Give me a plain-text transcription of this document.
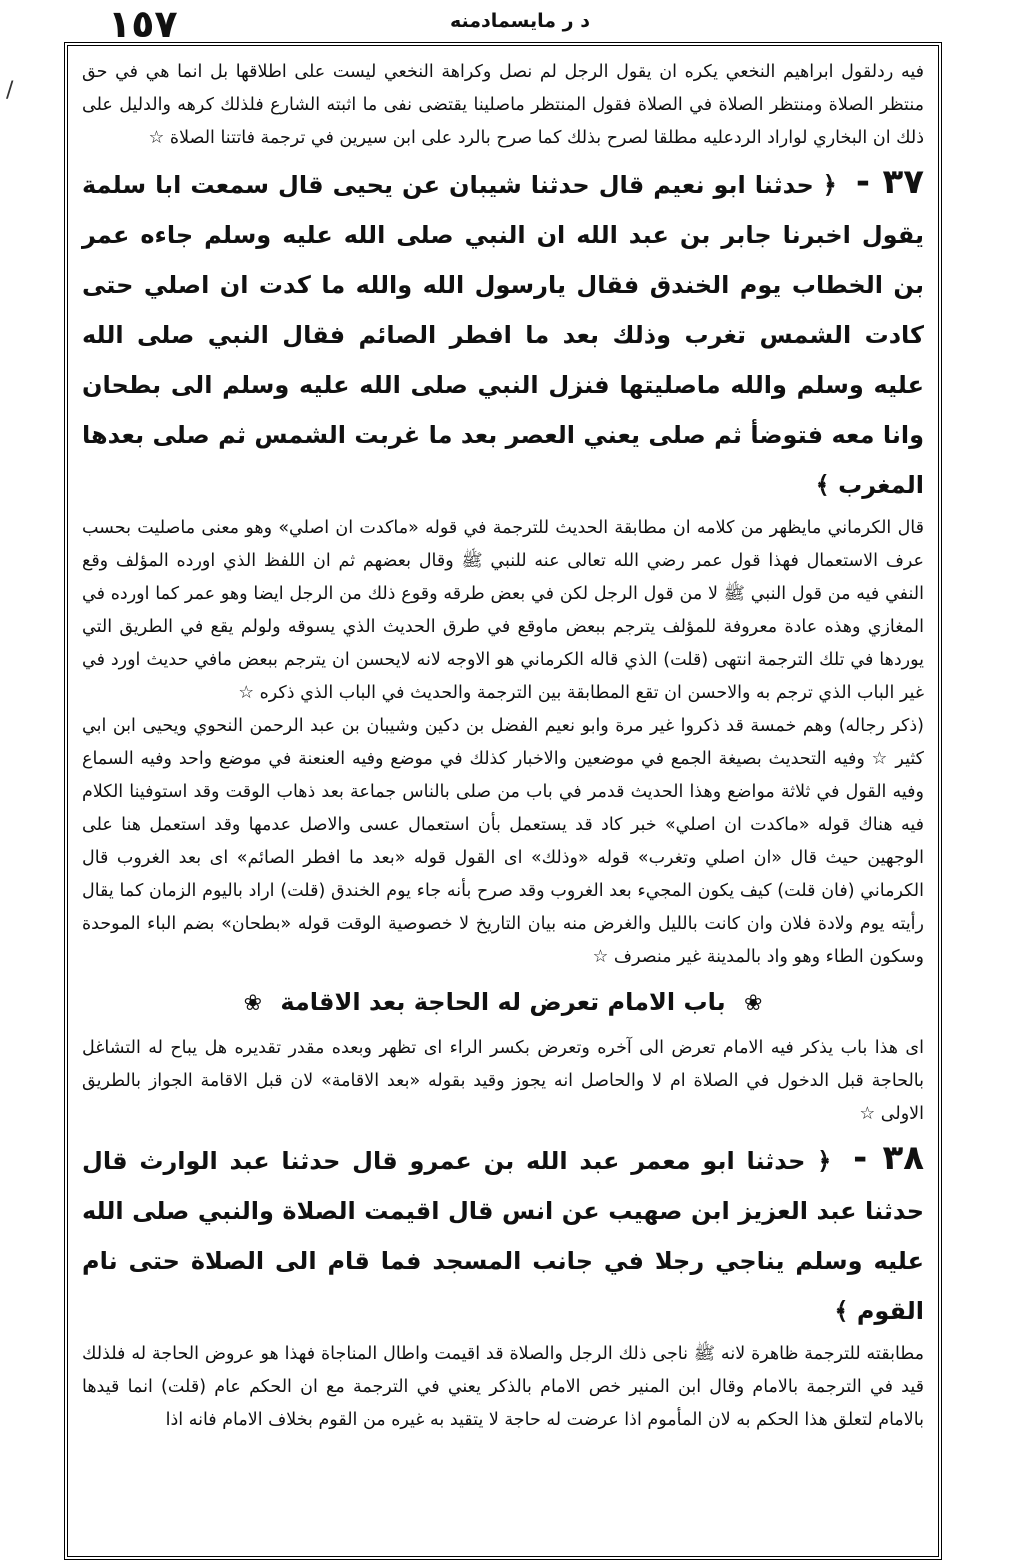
١٥٧	د ر مايسمادمنه
/

فيه ردلقول ابراهيم النخعي يكره ان يقول الرجل لم نصل وكراهة النخعي ليست على اطلاقها بل انما هي في حق منتظر الصلاة ومنتظر الصلاة في الصلاة فقول المنتظر ماصلينا يقتضى نفى ما اثبته الشارع فلذلك كرهه والدليل على ذلك ان البخاري لواراد الردعليه مطلقا لصرح بذلك كما صرح بالرد على ابن سيرين في ترجمة فاتتنا الصلاة ☆

٣٧ - ﴿ حدثنا ابو نعيم قال حدثنا شيبان عن يحيى قال سمعت ابا سلمة يقول اخبرنا جابر بن عبد الله ان النبي صلى الله عليه وسلم جاءه عمر بن الخطاب يوم الخندق فقال يارسول الله والله ما كدت ان اصلي حتى كادت الشمس تغرب وذلك بعد ما افطر الصائم فقال النبي صلى الله عليه وسلم والله ماصليتها فنزل النبي صلى الله عليه وسلم الى بطحان وانا معه فتوضأ ثم صلى يعني العصر بعد ما غربت الشمس ثم صلى بعدها المغرب ﴾

قال الكرماني مايظهر من كلامه ان مطابقة الحديث للترجمة في قوله «ماكدت ان اصلي» وهو معنى ماصليت بحسب عرف الاستعمال فهذا قول عمر رضي الله تعالى عنه للنبي ﷺ وقال بعضهم ثم ان اللفظ الذي اورده المؤلف وقع النفي فيه من قول النبي ﷺ لا من قول الرجل لكن في بعض طرقه وقوع ذلك من الرجل ايضا وهو عمر كما اورده في المغازي وهذه عادة معروفة للمؤلف يترجم ببعض ماوقع في طرق الحديث الذي يسوقه ولولم يقع في الطريق التي يوردها في تلك الترجمة انتهى (قلت) الذي قاله الكرماني هو الاوجه لانه لايحسن ان يترجم ببعض مافي حديث اورد في غير الباب الذي ترجم به والاحسن ان تقع المطابقة بين الترجمة والحديث في الباب الذي ذكره ☆

(ذكر رجاله) وهم خمسة قد ذكروا غير مرة وابو نعيم الفضل بن دكين وشيبان بن عبد الرحمن النحوي ويحيى ابن ابي كثير ☆ وفيه التحديث بصيغة الجمع في موضعين والاخبار كذلك في موضع وفيه العنعنة في موضع واحد وفيه السماع وفيه القول في ثلاثة مواضع وهذا الحديث قدمر في باب من صلى بالناس جماعة بعد ذهاب الوقت وقد استوفينا الكلام فيه هناك قوله «ماكدت ان اصلي» خبر كاد قد يستعمل بأن استعمال عسى والاصل عدمها وقد استعمل هنا على الوجهين حيث قال «ان اصلي وتغرب» قوله «وذلك» اى القول قوله «بعد ما افطر الصائم» اى بعد الغروب قال الكرماني (فان قلت) كيف يكون المجيء بعد الغروب وقد صرح بأنه جاء يوم الخندق (قلت) اراد باليوم الزمان كما يقال رأيته يوم ولادة فلان وان كانت بالليل والغرض منه بيان التاريخ لا خصوصية الوقت قوله «بطحان» بضم الباء الموحدة وسكون الطاء وهو واد بالمدينة غير منصرف ☆

❀ باب الامام تعرض له الحاجة بعد الاقامة ❀

اى هذا باب يذكر فيه الامام تعرض الى آخره وتعرض بكسر الراء اى تظهر وبعده مقدر تقديره هل يباح له التشاغل بالحاجة قبل الدخول في الصلاة ام لا والحاصل انه يجوز وقيد بقوله «بعد الاقامة» لان قبل الاقامة الجواز بالطريق الاولى ☆

٣٨ - ﴿ حدثنا ابو معمر عبد الله بن عمرو قال حدثنا عبد الوارث قال حدثنا عبد العزيز ابن صهيب عن انس قال اقيمت الصلاة والنبي صلى الله عليه وسلم يناجي رجلا في جانب المسجد فما قام الى الصلاة حتى نام القوم ﴾

مطابقته للترجمة ظاهرة لانه ﷺ ناجى ذلك الرجل والصلاة قد اقيمت واطال المناجاة فهذا هو عروض الحاجة له فلذلك قيد في الترجمة بالامام وقال ابن المنير خص الامام بالذكر يعني في الترجمة مع ان الحكم عام (قلت) انما قيدها بالامام لتعلق هذا الحكم به لان المأموم اذا عرضت له حاجة لا يتقيد به غيره من القوم بخلاف الامام فانه اذا
